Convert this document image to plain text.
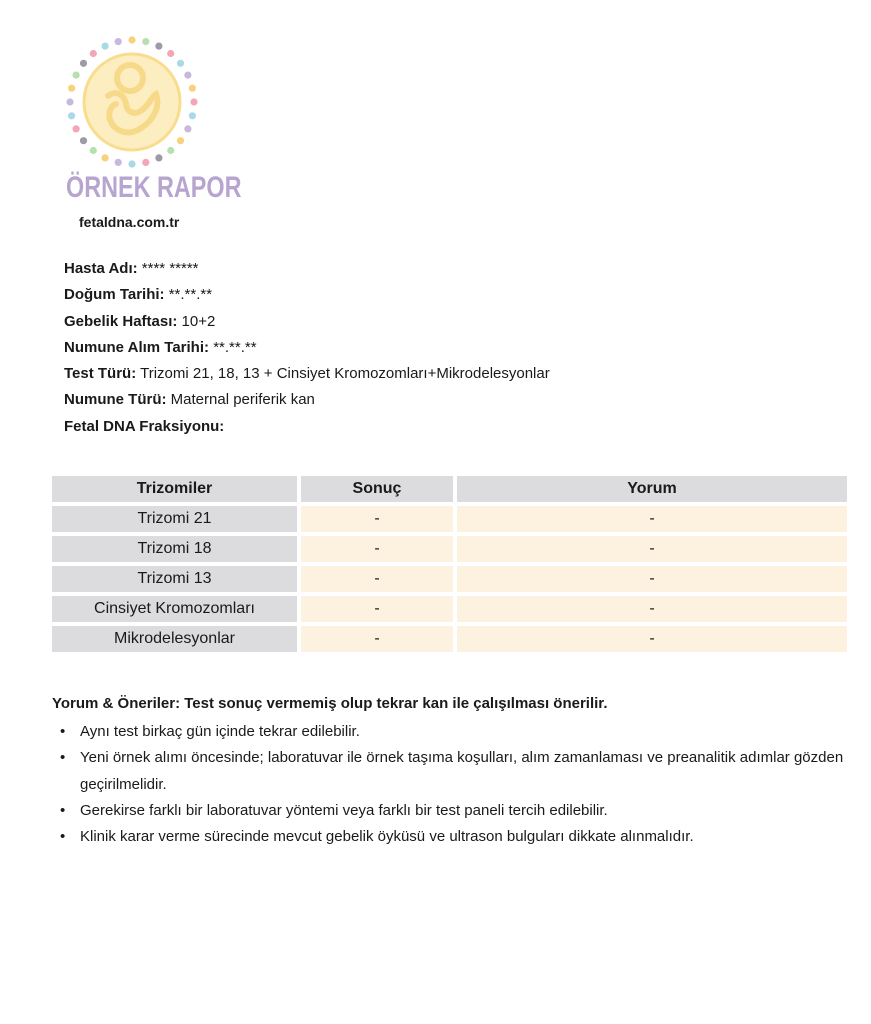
ÖRNEK RAPOR
fetaldna.com.tr
Hasta Adı: **** *****
Doğum Tarihi: **.**.**
Gebelik Haftası: 10+2
Numune Alım Tarihi: **.**.**
Test Türü: Trizomi 21, 18, 13 + Cinsiyet Kromozomları+Mikrodelesyonlar
Numune Türü: Maternal periferik kan
Fetal DNA Fraksiyonu:
Trizomiler	Sonuç	Yorum
Trizomi 21	-	-
Trizomi 18	-	-
Trizomi 13	-	-
Cinsiyet Kromozomları	-	-
Mikrodelesyonlar	-	-
Yorum & Öneriler: Test sonuç vermemiş olup tekrar kan ile çalışılması önerilir.
• Aynı test birkaç gün içinde tekrar edilebilir.
• Yeni örnek alımı öncesinde; laboratuvar ile örnek taşıma koşulları, alım zamanlaması ve preanalitik adımlar gözden geçirilmelidir.
• Gerekirse farklı bir laboratuvar yöntemi veya farklı bir test paneli tercih edilebilir.
• Klinik karar verme sürecinde mevcut gebelik öyküsü ve ultrason bulguları dikkate alınmalıdır.
